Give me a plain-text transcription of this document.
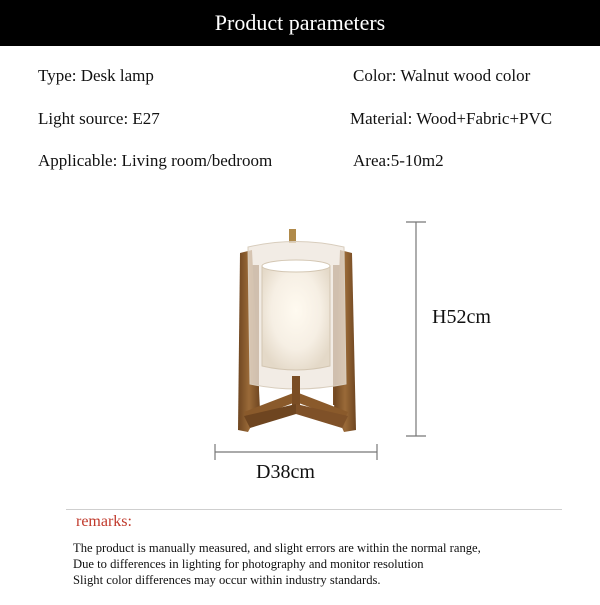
Product parameters
Type: Desk lamp	Color: Walnut wood color
Light source: E27	Material: Wood+Fabric+PVC
Applicable: Living room/bedroom	Area:5-10m2
H52cm
D38cm
remarks:
The product is manually measured, and slight errors are within the normal range,
Due to differences in lighting for photography and monitor resolution
Slight color differences may occur within industry standards.
